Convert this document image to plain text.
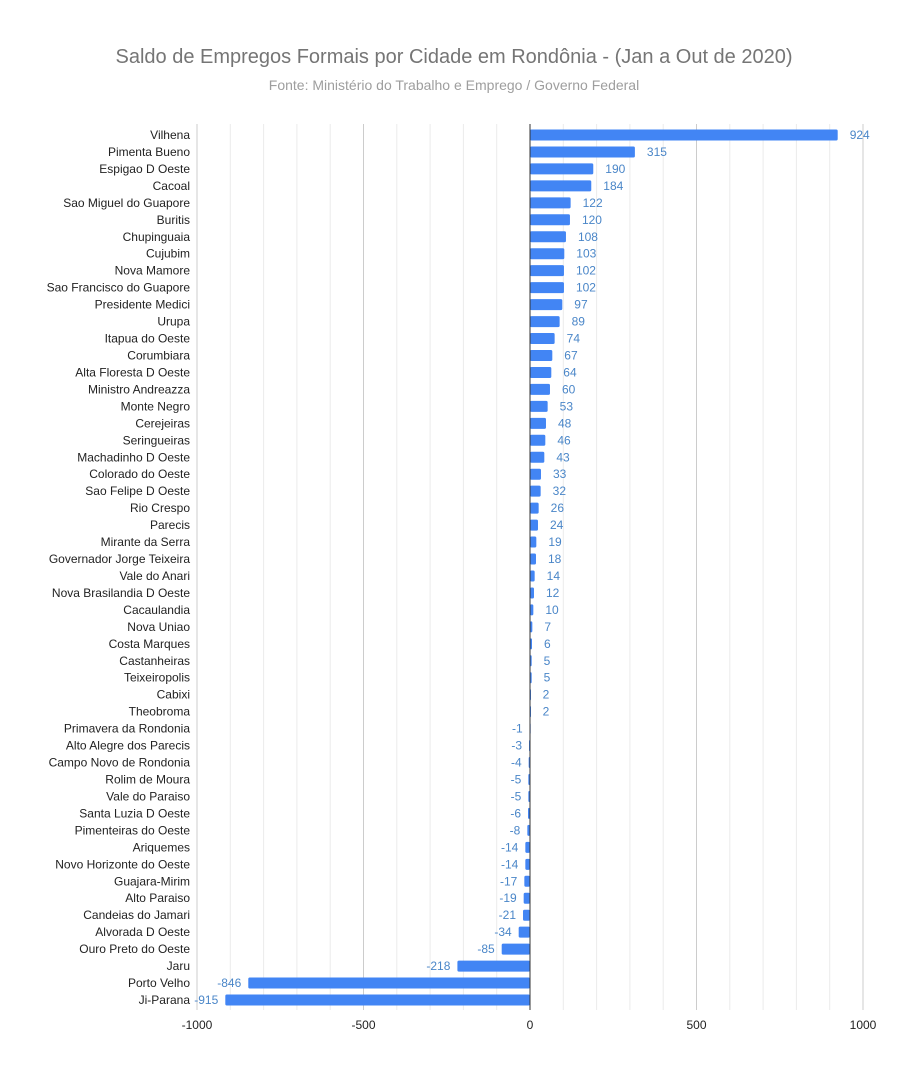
Saldo de Empregos Formais por Cidade em Rondônia - (Jan a Out de 2020)
Fonte: Ministério do Trabalho e Emprego / Governo Federal
Vilhena	924
Pimenta Bueno	315
Espigao D Oeste	190
Cacoal	184
Sao Miguel do Guapore	122
Buritis	120
Chupinguaia	108
Cujubim	103
Nova Mamore	102
Sao Francisco do Guapore	102
Presidente Medici	97
Urupa	89
Itapua do Oeste	74
Corumbiara	67
Alta Floresta D Oeste	64
Ministro Andreazza	60
Monte Negro	53
Cerejeiras	48
Seringueiras	46
Machadinho D Oeste	43
Colorado do Oeste	33
Sao Felipe D Oeste	32
Rio Crespo	26
Parecis	24
Mirante da Serra	19
Governador Jorge Teixeira	18
Vale do Anari	14
Nova Brasilandia D Oeste	12
Cacaulandia	10
Nova Uniao	7
Costa Marques	6
Castanheiras	5
Teixeiropolis	5
Cabixi	2
Theobroma	2
Primavera da Rondonia	-1
Alto Alegre dos Parecis	-3
Campo Novo de Rondonia	-4
Rolim de Moura	-5
Vale do Paraiso	-5
Santa Luzia D Oeste	-6
Pimenteiras do Oeste	-8
Ariquemes	-14
Novo Horizonte do Oeste	-14
Guajara-Mirim	-17
Alto Paraiso	-19
Candeias do Jamari	-21
Alvorada D Oeste	-34
Ouro Preto do Oeste	-85
Jaru	-218
Porto Velho -846
Ji-Parana -915
-1000	-500	0	500	1000
